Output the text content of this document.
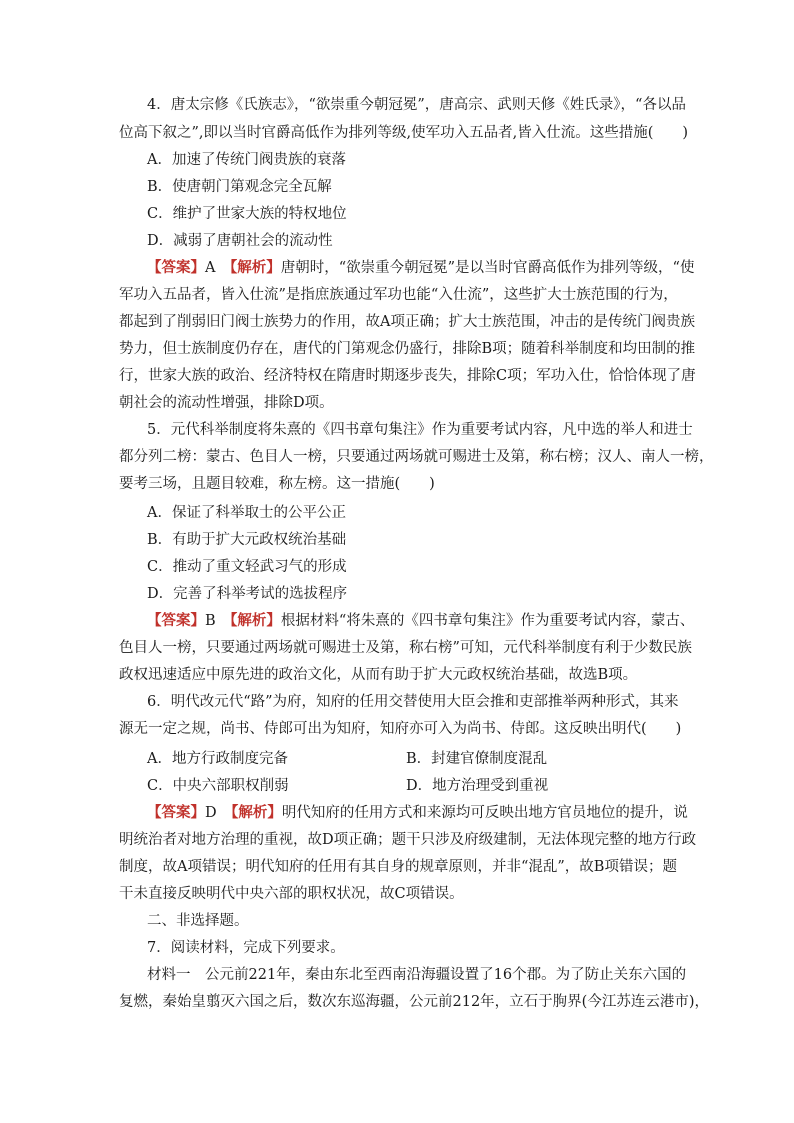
4．唐太宗修《氏族志》，“欲崇重今朝冠冕”，唐高宗、武则天修《姓氏录》，“各以品
位高下叙之”,即以当时官爵高低作为排列等级,使军功入五品者,皆入仕流。这些措施(　　)
A．加速了传统门阀贵族的衰落
B．使唐朝门第观念完全瓦解
C．维护了世家大族的特权地位
D．减弱了唐朝社会的流动性
【答案】A　 【解析】唐朝时，“欲崇重今朝冠冕”是以当时官爵高低作为排列等级，“使
军功入五品者，皆入仕流”是指庶族通过军功也能“入仕流”，这些扩大士族范围的行为，
都起到了削弱旧门阀士族势力的作用，故A项正确；扩大士族范围，冲击的是传统门阀贵族
势力，但士族制度仍存在，唐代的门第观念仍盛行，排除B项；随着科举制度和均田制的推
行，世家大族的政治、经济特权在隋唐时期逐步丧失，排除C项；军功入仕，恰恰体现了唐
朝社会的流动性增强，排除D项。
5．元代科举制度将朱熹的《四书章句集注》作为重要考试内容，凡中选的举人和进士
都分列二榜：蒙古、色目人一榜，只要通过两场就可赐进士及第，称右榜；汉人、南人一榜，
要考三场，且题目较难，称左榜。这一措施(　　)
A．保证了科举取士的公平公正
B．有助于扩大元政权统治基础
C．推动了重文轻武习气的形成
D．完善了科举考试的选拔程序
【答案】B　 【解析】根据材料“将朱熹的《四书章句集注》作为重要考试内容，蒙古、
色目人一榜，只要通过两场就可赐进士及第，称右榜”可知，元代科举制度有利于少数民族
政权迅速适应中原先进的政治文化，从而有助于扩大元政权统治基础，故选B项。
6．明代改元代“路”为府，知府的任用交替使用大臣会推和吏部推举两种形式，其来
源无一定之规，尚书、侍郎可出为知府，知府亦可入为尚书、侍郎。这反映出明代(　　)
A．地方行政制度完备	B．封建官僚制度混乱
C．中央六部职权削弱	D．地方治理受到重视
【答案】D　 【解析】明代知府的任用方式和来源均可反映出地方官员地位的提升，说
明统治者对地方治理的重视，故D项正确；题干只涉及府级建制，无法体现完整的地方行政
制度，故A项错误；明代知府的任用有其自身的规章原则，并非“混乱”，故B项错误；题
干未直接反映明代中央六部的职权状况，故C项错误。
二、非选择题。
7．阅读材料，完成下列要求。
材料一　公元前221年，秦由东北至西南沿海疆设置了16个郡。为了防止关东六国的
复燃，秦始皇翦灭六国之后，数次东巡海疆，公元前212年，立石于朐界(今江苏连云港市)，
